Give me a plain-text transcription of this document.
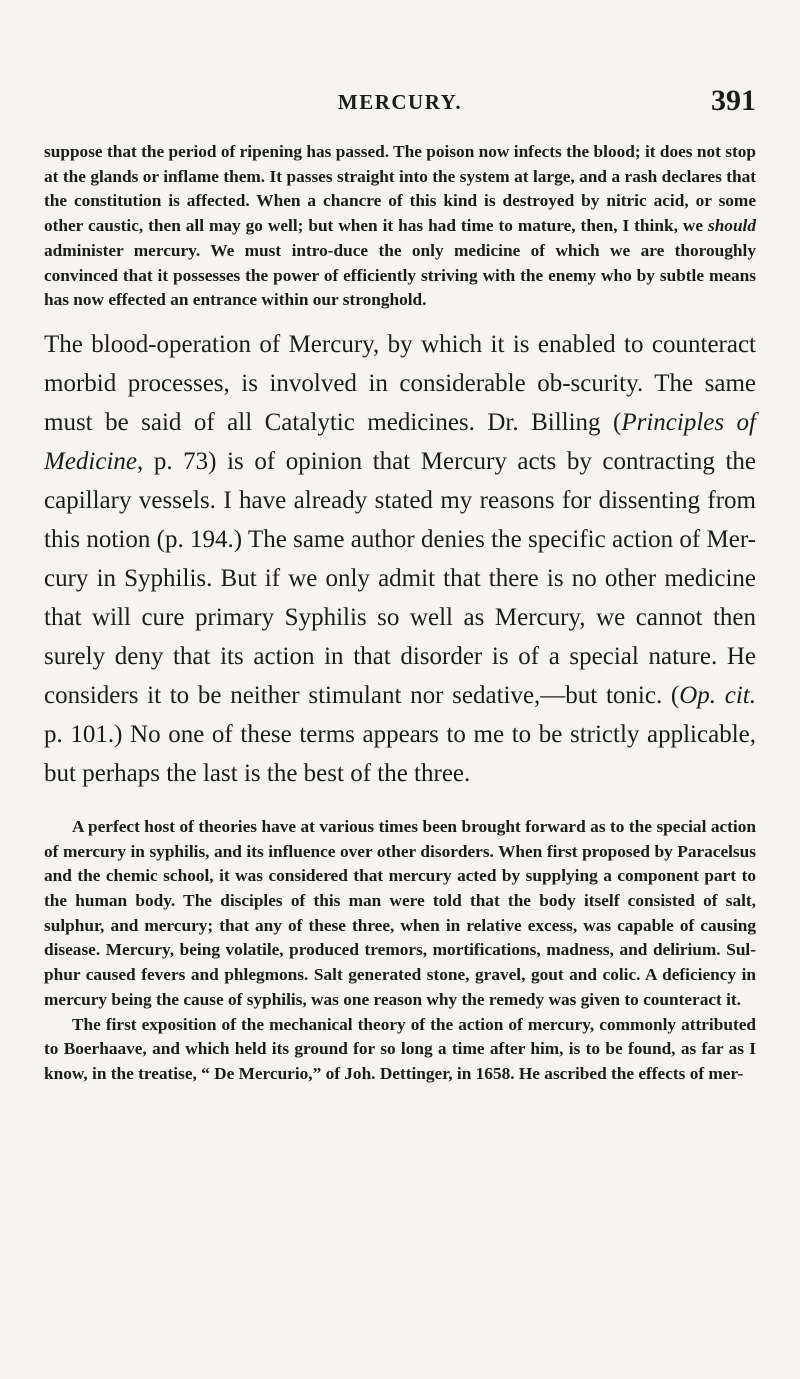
MERCURY.	391

suppose that the period of ripening has passed. The poison now infects the blood; it does not stop at the glands or inflame them. It passes straight into the system at large, and a rash declares that the constitution is affected. When a chancre of this kind is destroyed by nitric acid, or some other caustic, then all may go well; but when it has had time to mature, then, I think, we should administer mercury. We must intro-duce the only medicine of which we are thoroughly convinced that it possesses the power of efficiently striving with the enemy who by subtle means has now effected an entrance within our stronghold.

The blood-operation of Mercury, by which it is enabled to counteract morbid processes, is involved in considerable ob-scurity. The same must be said of all Catalytic medicines. Dr. Billing (Principles of Medicine, p. 73) is of opinion that Mercury acts by contracting the capillary vessels. I have already stated my reasons for dissenting from this notion (p. 194.) The same author denies the specific action of Mer-cury in Syphilis. But if we only admit that there is no other medicine that will cure primary Syphilis so well as Mercury, we cannot then surely deny that its action in that disorder is of a special nature. He considers it to be neither stimulant nor sedative,—but tonic. (Op. cit. p. 101.) No one of these terms appears to me to be strictly applicable, but perhaps the last is the best of the three.

A perfect host of theories have at various times been brought forward as to the special action of mercury in syphilis, and its influence over other disorders. When first proposed by Paracelsus and the chemic school, it was considered that mercury acted by supplying a component part to the human body. The disciples of this man were told that the body itself consisted of salt, sulphur, and mercury; that any of these three, when in relative excess, was capable of causing disease. Mercury, being volatile, produced tremors, mortifications, madness, and delirium. Sul-phur caused fevers and phlegmons. Salt generated stone, gravel, gout and colic. A deficiency in mercury being the cause of syphilis, was one reason why the remedy was given to counteract it.

The first exposition of the mechanical theory of the action of mercury, commonly attributed to Boerhaave, and which held its ground for so long a time after him, is to be found, as far as I know, in the treatise, “ De Mercurio,” of Joh. Dettinger, in 1658. He ascribed the effects of mer-
